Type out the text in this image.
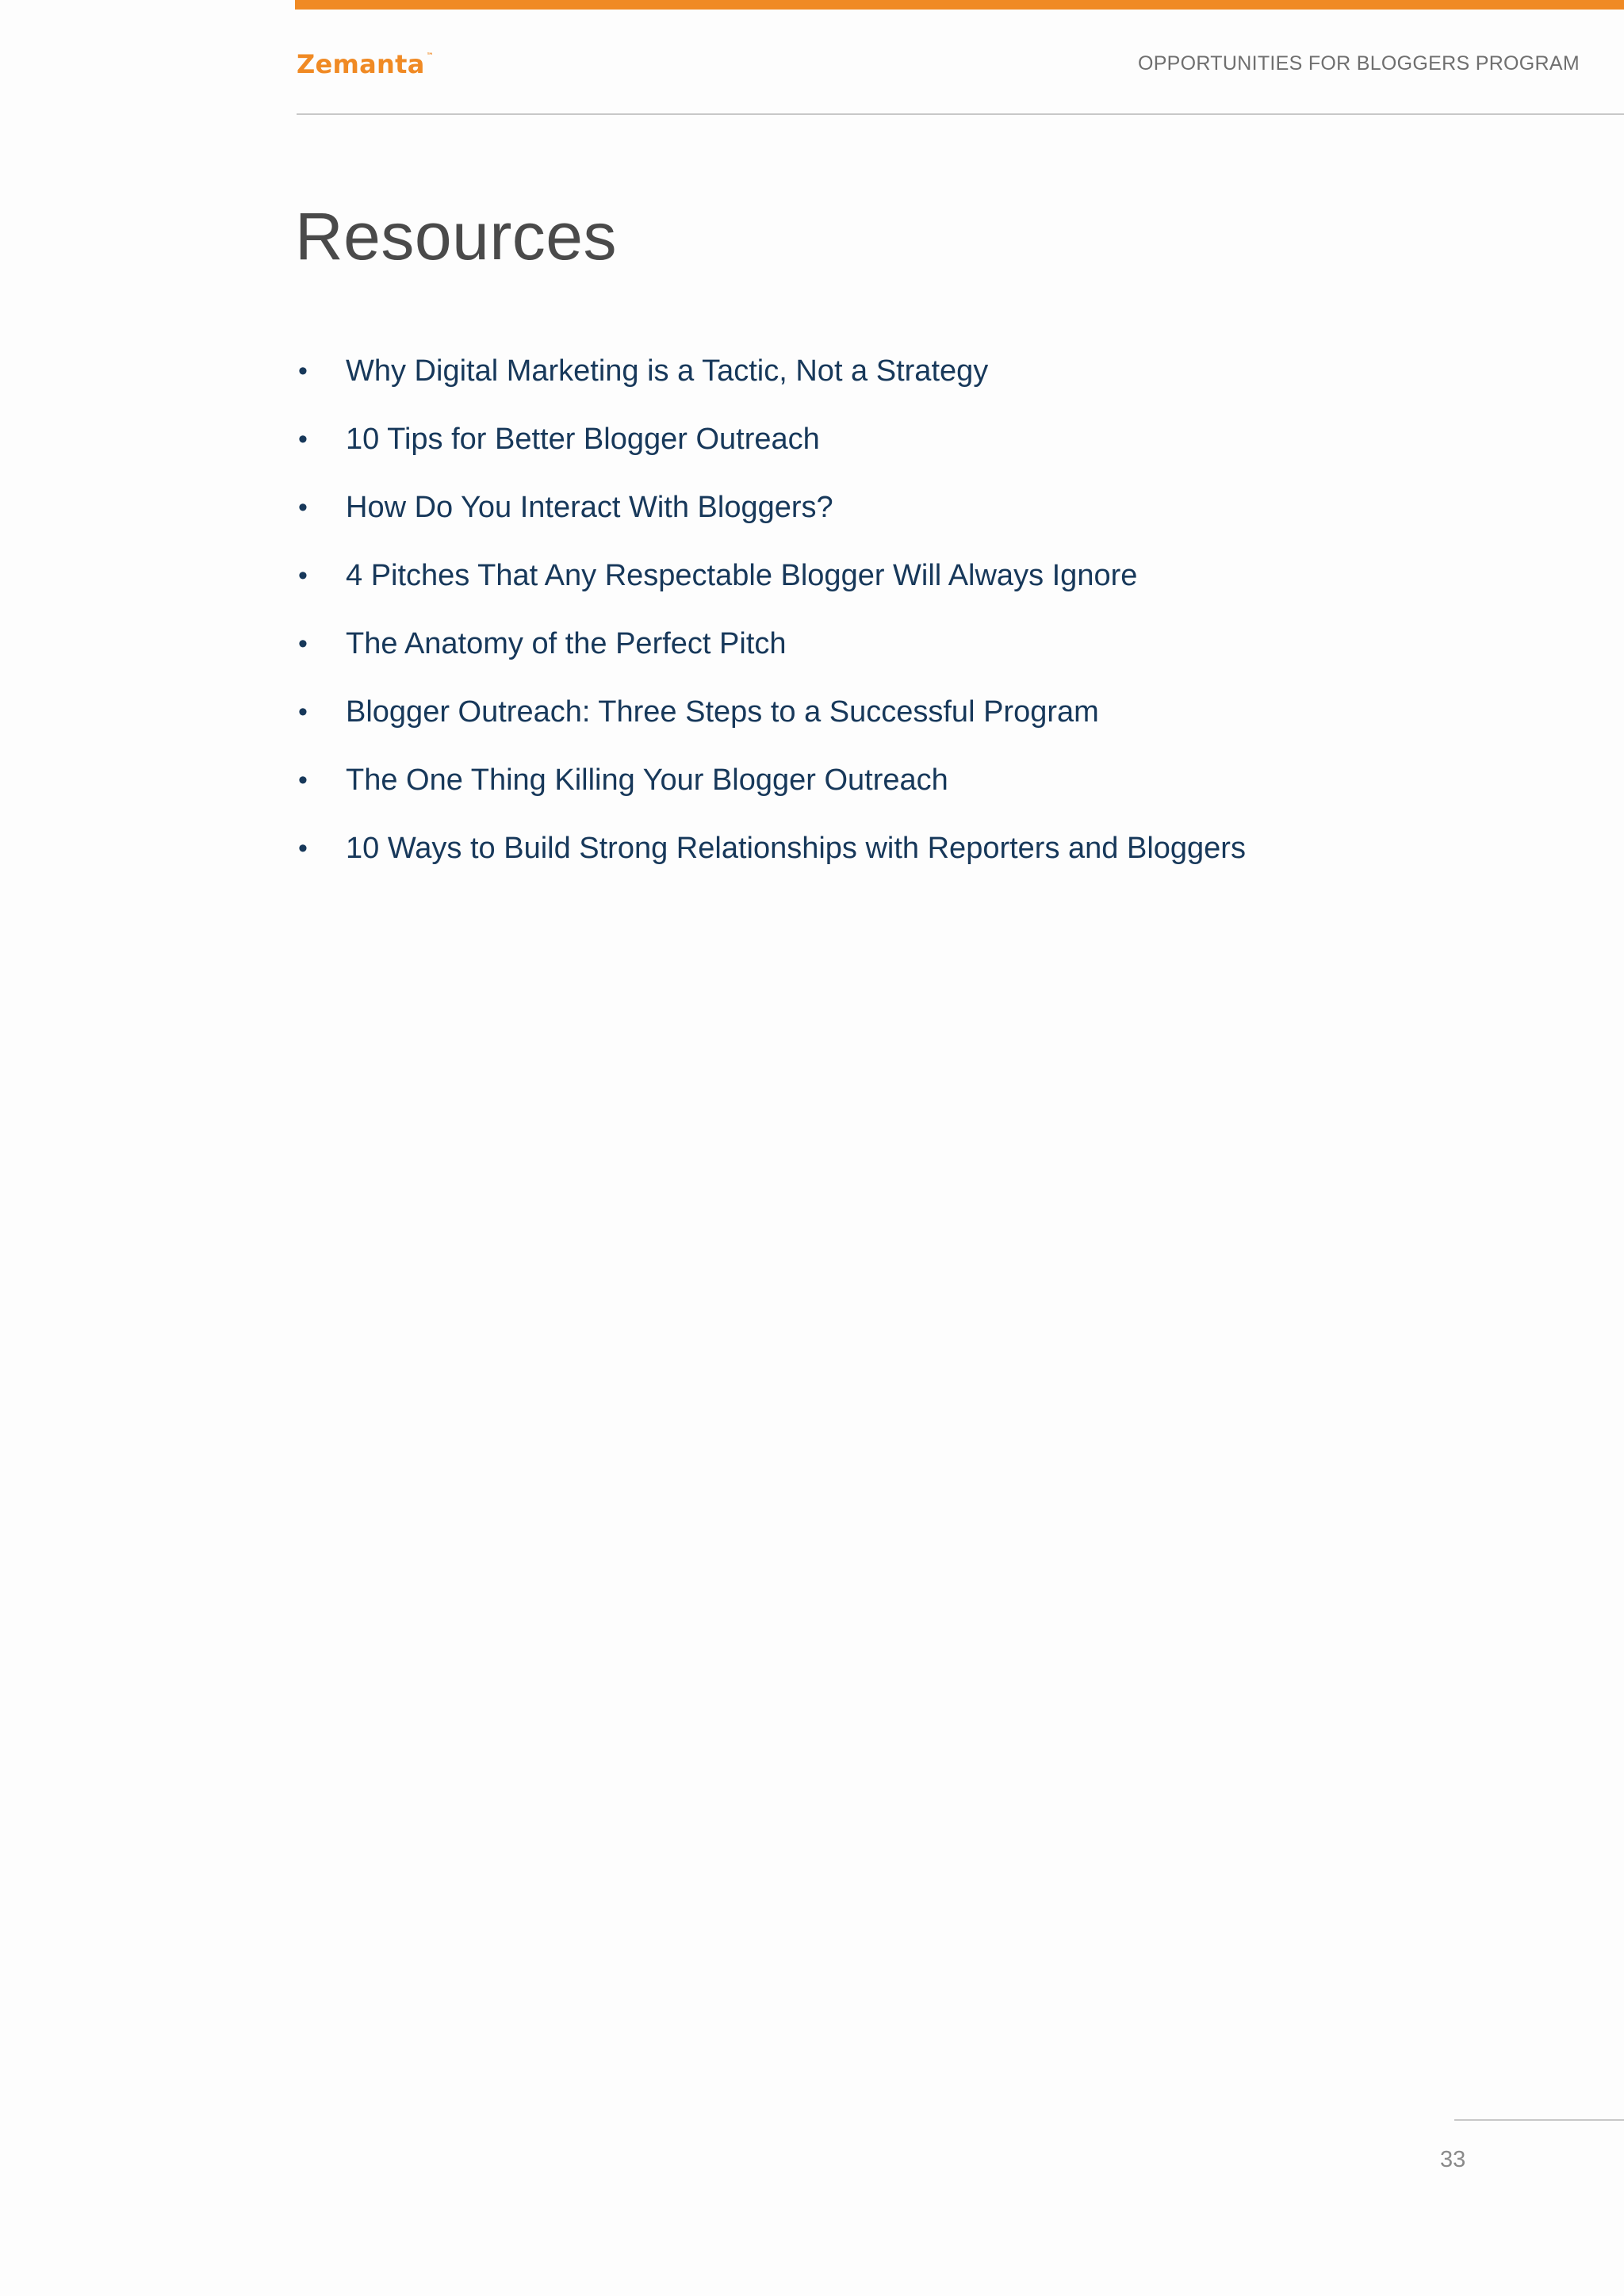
Zemanta ™	OPPORTUNITIES FOR BLOGGERS PROGRAM
Resources
• Why Digital Marketing is a Tactic, Not a Strategy
• 10 Tips for Better Blogger Outreach
• How Do You Interact With Bloggers?
• 4 Pitches That Any Respectable Blogger Will Always Ignore
• The Anatomy of the Perfect Pitch
• Blogger Outreach: Three Steps to a Successful Program
• The One Thing Killing Your Blogger Outreach
• 10 Ways to Build Strong Relationships with Reporters and Bloggers
33
